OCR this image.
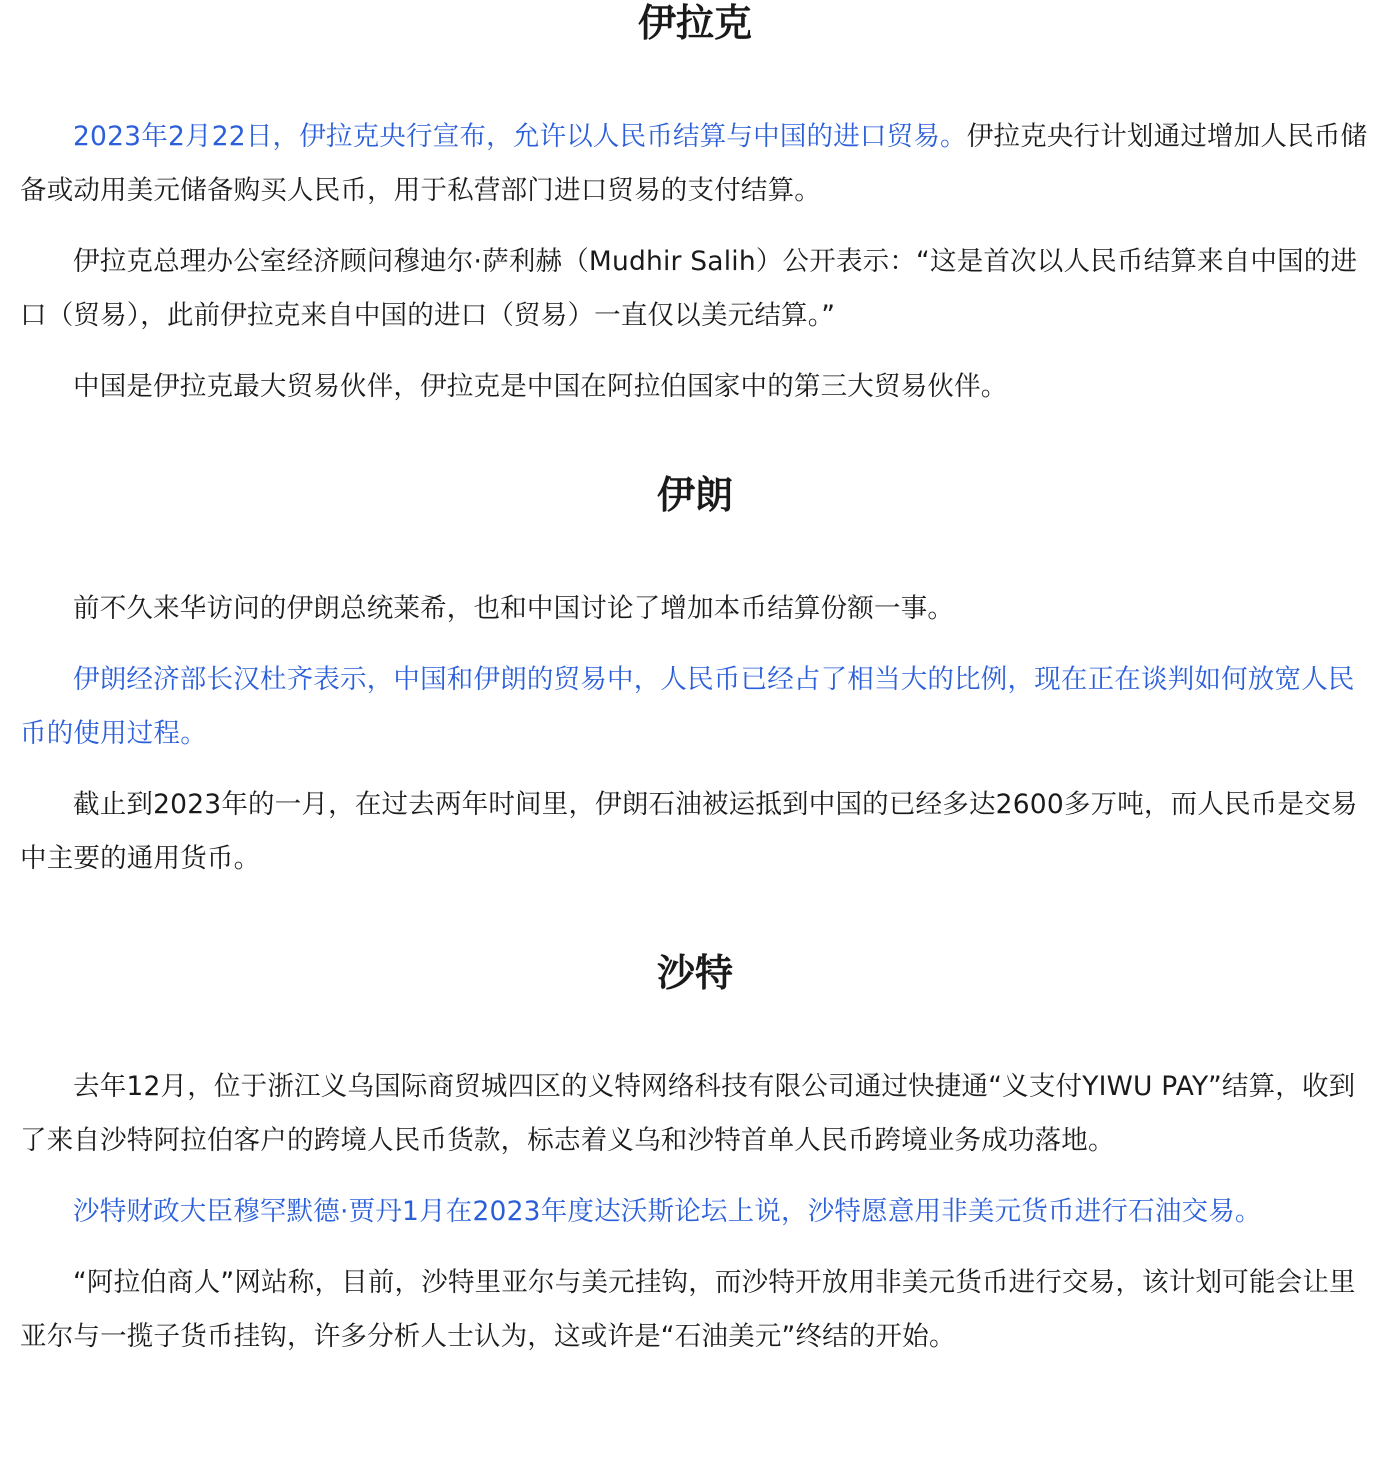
伊拉克

2023年2月22日，伊拉克央行宣布，允许以人民币结算与中国的进口贸易。伊拉克央行计划通过增加人民币储备或动用美元储备购买人民币，用于私营部门进口贸易的支付结算。

伊拉克总理办公室经济顾问穆迪尔·萨利赫（Mudhir Salih）公开表示：“这是首次以人民币结算来自中国的进口（贸易），此前伊拉克来自中国的进口（贸易）一直仅以美元结算。”

中国是伊拉克最大贸易伙伴，伊拉克是中国在阿拉伯国家中的第三大贸易伙伴。

伊朗

前不久来华访问的伊朗总统莱希，也和中国讨论了增加本币结算份额一事。

伊朗经济部长汉杜齐表示，中国和伊朗的贸易中，人民币已经占了相当大的比例，现在正在谈判如何放宽人民币的使用过程。

截止到2023年的一月，在过去两年时间里，伊朗石油被运抵到中国的已经多达2600多万吨，而人民币是交易中主要的通用货币。

沙特

去年12月，位于浙江义乌国际商贸城四区的义特网络科技有限公司通过快捷通“义支付YIWU PAY”结算，收到了来自沙特阿拉伯客户的跨境人民币货款，标志着义乌和沙特首单人民币跨境业务成功落地。

沙特财政大臣穆罕默德·贾丹1月在2023年度达沃斯论坛上说，沙特愿意用非美元货币进行石油交易。

“阿拉伯商人”网站称，目前，沙特里亚尔与美元挂钩，而沙特开放用非美元货币进行交易，该计划可能会让里亚尔与一揽子货币挂钩，许多分析人士认为，这或许是“石油美元”终结的开始。
